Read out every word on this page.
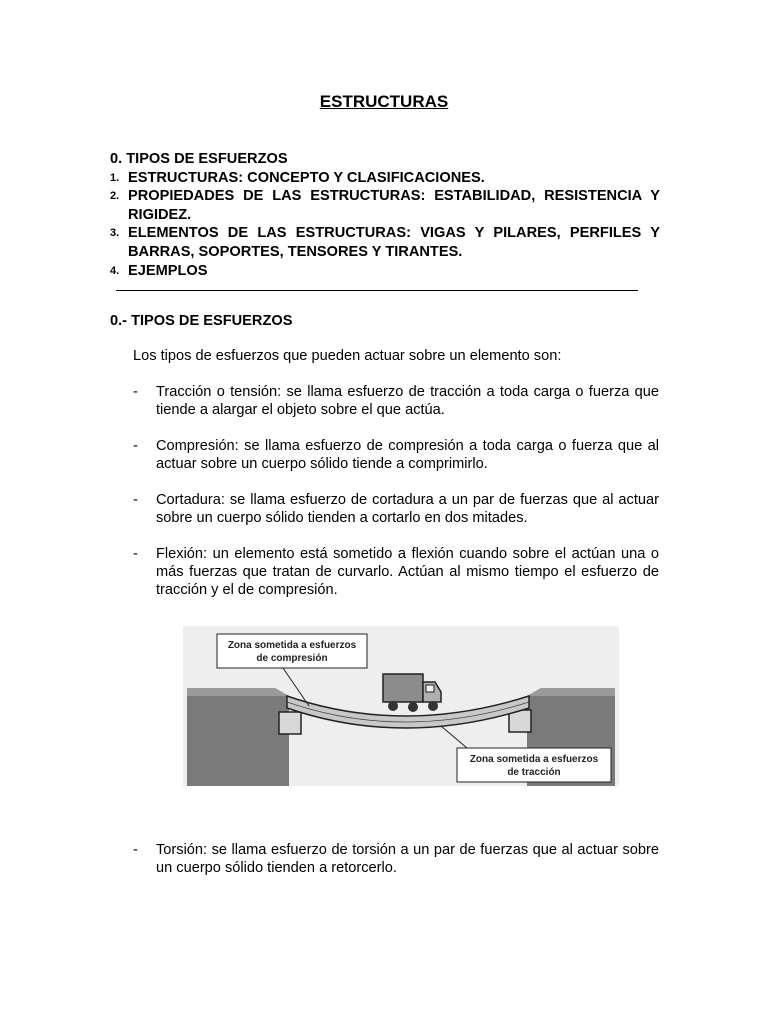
ESTRUCTURAS
0. TIPOS DE ESFUERZOS
1. ESTRUCTURAS: CONCEPTO Y CLASIFICACIONES.
2. PROPIEDADES DE LAS ESTRUCTURAS: ESTABILIDAD, RESISTENCIA Y RIGIDEZ.
3. ELEMENTOS DE LAS ESTRUCTURAS: VIGAS Y PILARES, PERFILES Y BARRAS, SOPORTES, TENSORES Y TIRANTES.
4. EJEMPLOS
0.- TIPOS DE ESFUERZOS
Los tipos de esfuerzos que pueden actuar sobre un elemento son:
-	Tracción o tensión: se llama esfuerzo de tracción a toda carga o fuerza que tiende a alargar el objeto sobre el que actúa.
-	Compresión: se llama esfuerzo de compresión a toda carga o fuerza que al actuar sobre un cuerpo sólido tiende a comprimirlo.
-	Cortadura: se llama esfuerzo de cortadura a un par de fuerzas que al actuar sobre un cuerpo sólido tienden a cortarlo en dos mitades.
-	Flexión: un elemento está sometido a flexión cuando sobre el actúan una o más fuerzas que tratan de curvarlo. Actúan al mismo tiempo el esfuerzo de tracción y el de compresión.
Zona sometida a esfuerzos
de compresión
Zona sometida a esfuerzos
de tracción
-	Torsión: se llama esfuerzo de torsión a un par de fuerzas que al actuar sobre un cuerpo sólido tienden a retorcerlo.
